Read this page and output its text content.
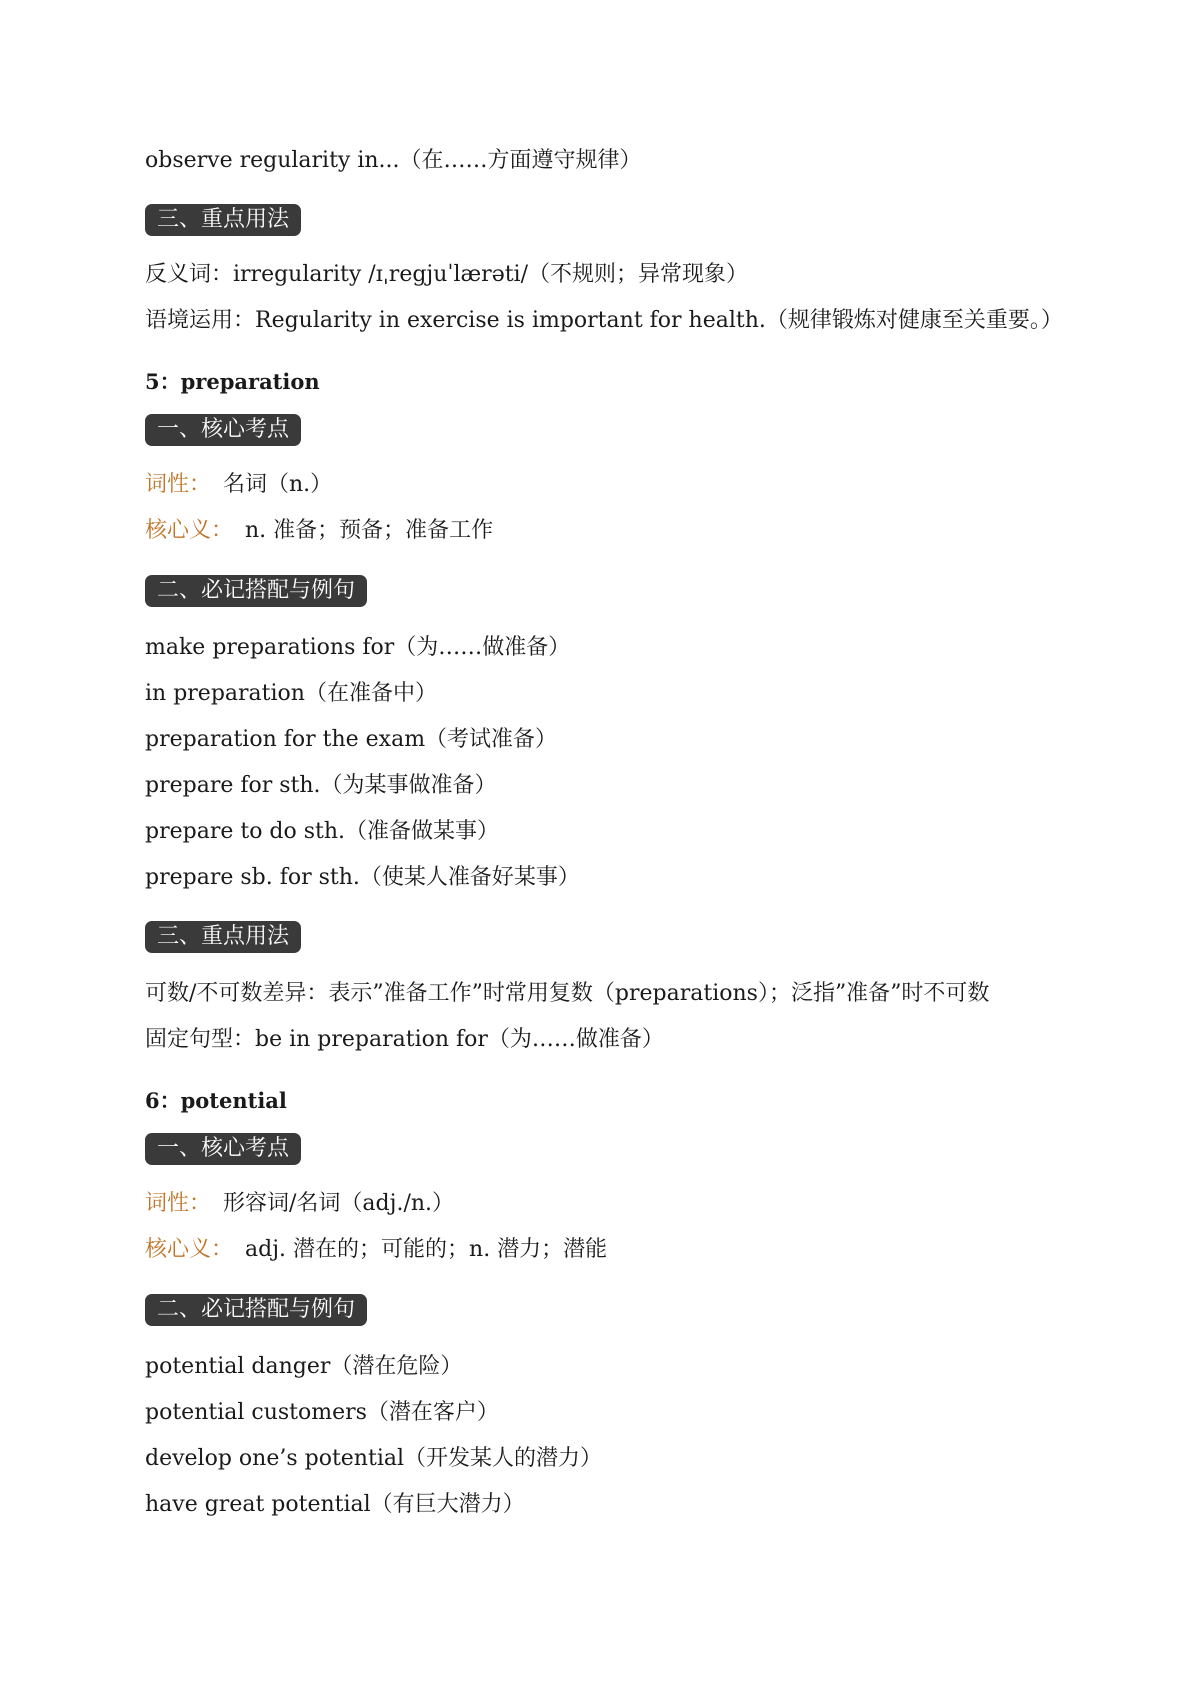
observe regularity in...（在……方面遵守规律）
三、重点用法
反义词：irregularity /ɪˌregjuˈlærəti/（不规则；异常现象）
语境运用：Regularity in exercise is important for health.（规律锻炼对健康至关重要。）
5：preparation
一、核心考点
词性： 名词（n.）
核心义： n. 准备；预备；准备工作
二、必记搭配与例句
make preparations for（为……做准备）
in preparation（在准备中）
preparation for the exam（考试准备）
prepare for sth.（为某事做准备）
prepare to do sth.（准备做某事）
prepare sb. for sth.（使某人准备好某事）
三、重点用法
可数/不可数差异：表示”准备工作”时常用复数（preparations）；泛指”准备”时不可数
固定句型：be in preparation for（为……做准备）
6：potential
一、核心考点
词性： 形容词/名词（adj./n.）
核心义： adj. 潜在的；可能的；n. 潜力；潜能
二、必记搭配与例句
potential danger（潜在危险）
potential customers（潜在客户）
develop one’s potential（开发某人的潜力）
have great potential（有巨大潜力）
